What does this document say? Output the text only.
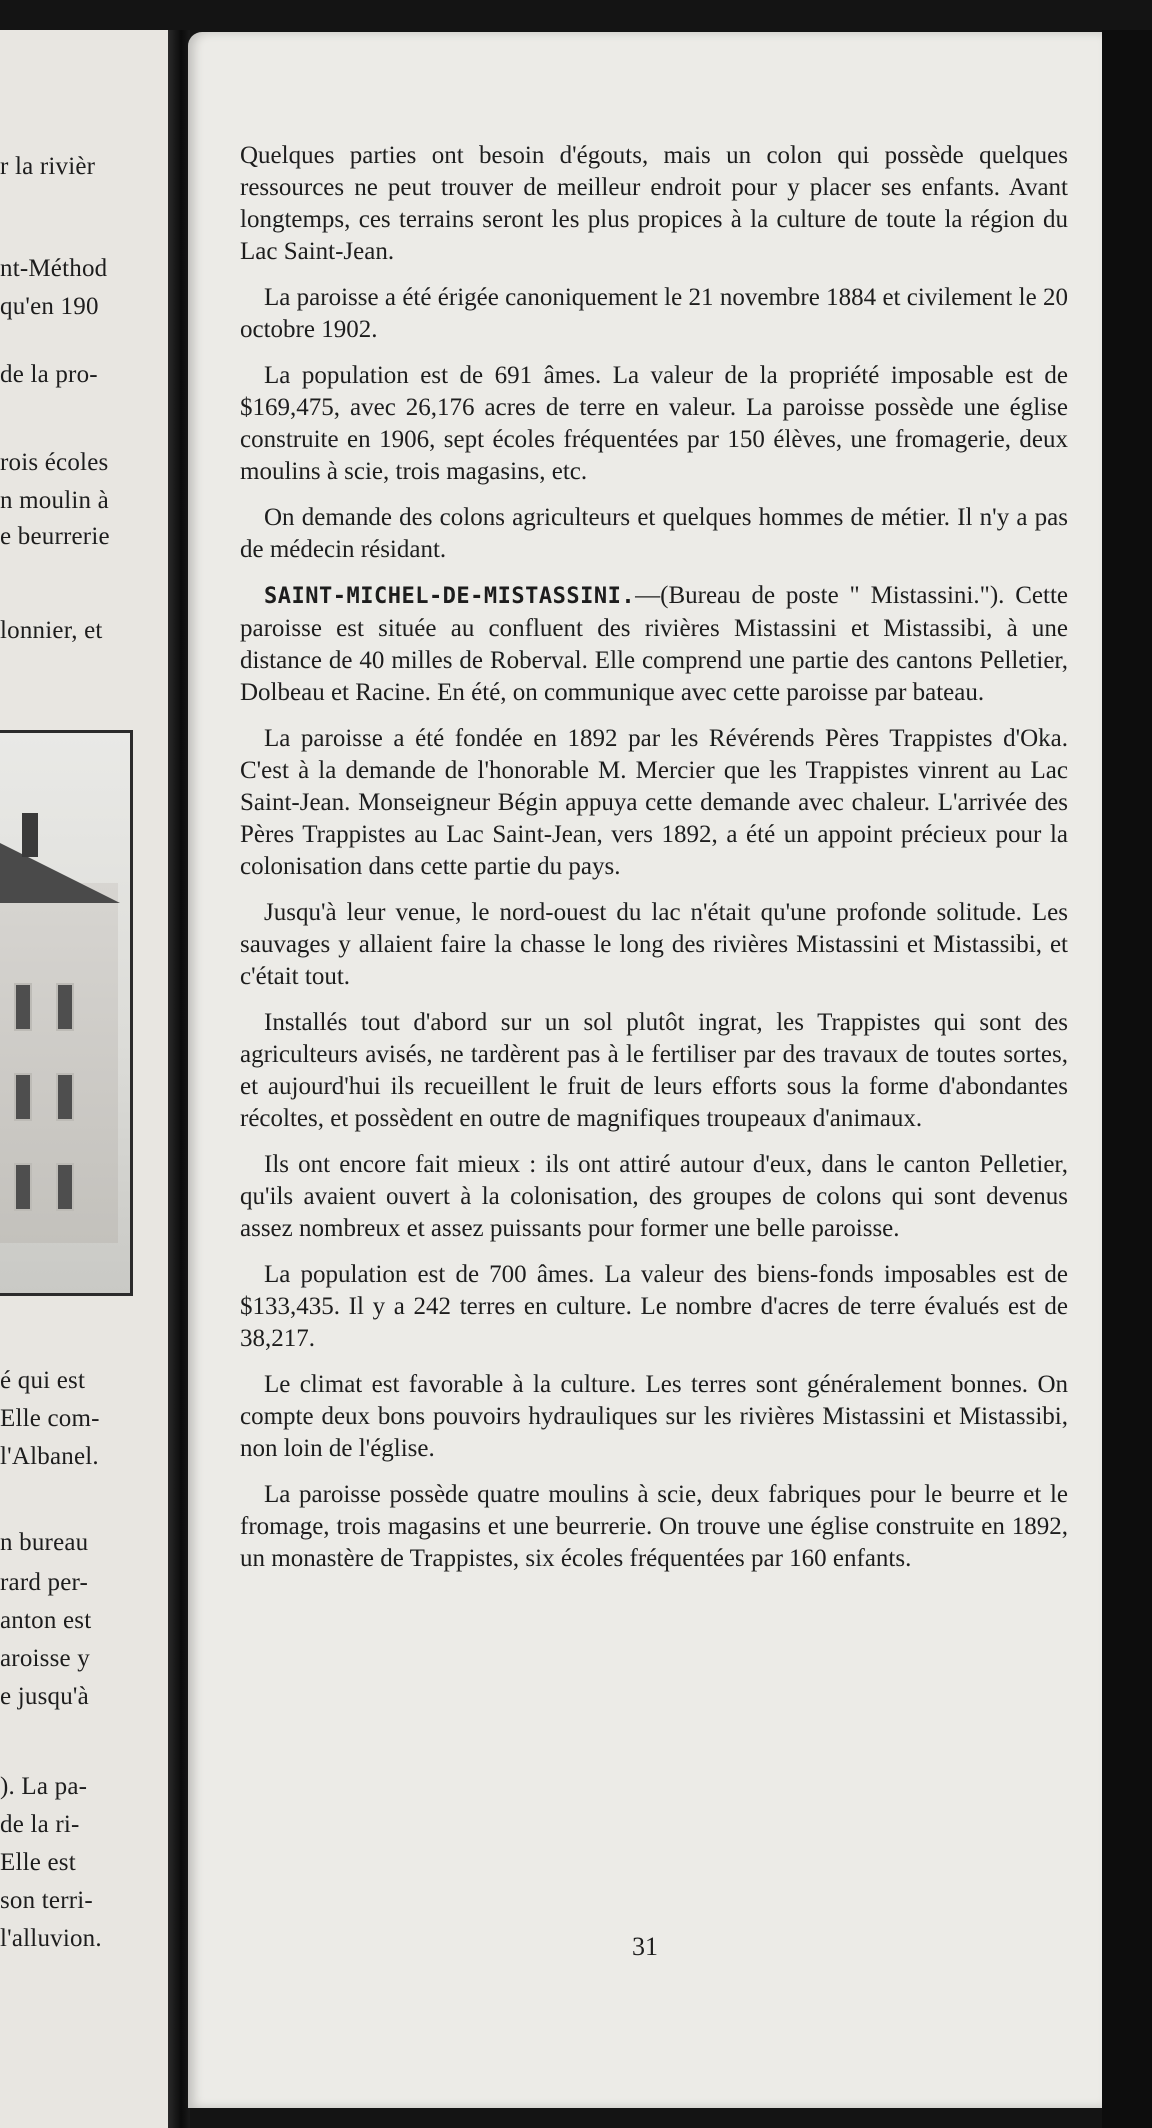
r la rivièr
nt-Méthod
qu'en 190
de la pro-
rois écoles
n moulin à
e beurrerie
lonnier, et
é qui est
Elle com-
l'Albanel.
n bureau
rard per-
anton est
aroisse y
e jusqu'à
). La pa-
de la ri-
Elle est
son terri-
l'alluvion.

Quelques parties ont besoin d'égouts, mais un colon qui possède quelques ressources ne peut trouver de meilleur endroit pour y placer ses enfants. Avant longtemps, ces terrains seront les plus propices à la culture de toute la région du Lac Saint-Jean.

La paroisse a été érigée canoniquement le 21 novembre 1884 et civilement le 20 octobre 1902.

La population est de 691 âmes. La valeur de la propriété imposable est de $169,475, avec 26,176 acres de terre en valeur. La paroisse possède une église construite en 1906, sept écoles fréquentées par 150 élèves, une fromagerie, deux moulins à scie, trois magasins, etc.

On demande des colons agriculteurs et quelques hommes de métier. Il n'y a pas de médecin résidant.

SAINT-MICHEL-DE-MISTASSINI.—(Bureau de poste " Mistassini."). Cette paroisse est située au confluent des rivières Mistassini et Mistassibi, à une distance de 40 milles de Roberval. Elle comprend une partie des cantons Pelletier, Dolbeau et Racine. En été, on communique avec cette paroisse par bateau.

La paroisse a été fondée en 1892 par les Révérends Pères Trappistes d'Oka. C'est à la demande de l'honorable M. Mercier que les Trappistes vinrent au Lac Saint-Jean. Monseigneur Bégin appuya cette demande avec chaleur. L'arrivée des Pères Trappistes au Lac Saint-Jean, vers 1892, a été un appoint précieux pour la colonisation dans cette partie du pays.

Jusqu'à leur venue, le nord-ouest du lac n'était qu'une profonde solitude. Les sauvages y allaient faire la chasse le long des rivières Mistassini et Mistassibi, et c'était tout.

Installés tout d'abord sur un sol plutôt ingrat, les Trappistes qui sont des agriculteurs avisés, ne tardèrent pas à le fertiliser par des travaux de toutes sortes, et aujourd'hui ils recueillent le fruit de leurs efforts sous la forme d'abondantes récoltes, et possèdent en outre de magnifiques troupeaux d'animaux.

Ils ont encore fait mieux : ils ont attiré autour d'eux, dans le canton Pelletier, qu'ils avaient ouvert à la colonisation, des groupes de colons qui sont devenus assez nombreux et assez puissants pour former une belle paroisse.

La population est de 700 âmes. La valeur des biens-fonds imposables est de $133,435. Il y a 242 terres en culture. Le nombre d'acres de terre évalués est de 38,217.

Le climat est favorable à la culture. Les terres sont généralement bonnes. On compte deux bons pouvoirs hydrauliques sur les rivières Mistassini et Mistassibi, non loin de l'église.

La paroisse possède quatre moulins à scie, deux fabriques pour le beurre et le fromage, trois magasins et une beurrerie. On trouve une église construite en 1892, un monastère de Trappistes, six écoles fréquentées par 160 enfants.

31
